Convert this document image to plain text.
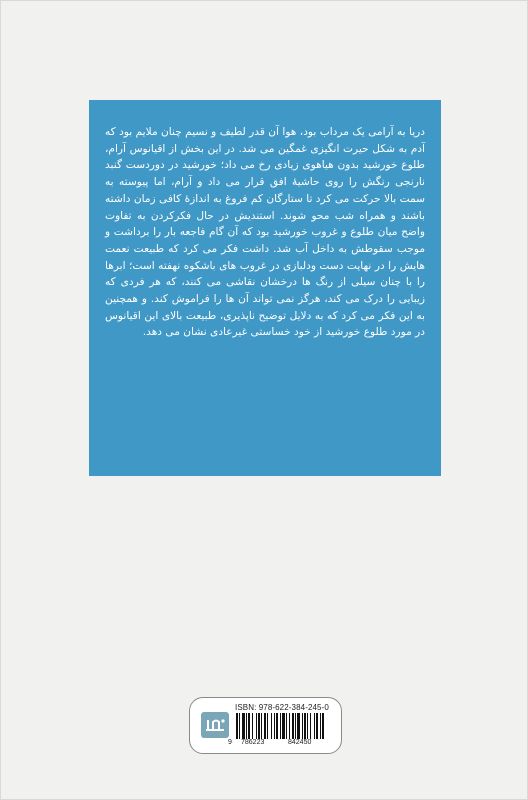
دریا به آرامی یک مرداب بود، هوا آن قدر لطیف و نسیم چنان ملایم بود که آدم به شکل حیرت انگیزی غمگین می شد. در این بخش از اقیانوس آرام، طلوع خورشید بدون هیاهوی زیادی رخ می داد؛ خورشید در دوردست گنبد نارنجی رنگش را روی حاشیهٔ افق قرار می داد و آرام، اما پیوسته به سمت بالا حرکت می کرد تا ستارگان کم فروغ به اندازهٔ کافی زمان داشته باشند و همراه شب محو شوند. استندیش در حال فکرکردن به تفاوت واضح میان طلوع و غروب خورشید بود که آن گام فاجعه بار را برداشت و موجب سقوطش به داخل آب شد. داشت فکر می کرد که طبیعت نعمت هایش را در نهایت دست ودلبازی در غروب های باشکوه نهفته است؛ ابرها را با چنان سیلی از رنگ ها درخشان نقاشی می کنند، که هر فردی که زیبایی را درک می کند، هرگز نمی تواند آن ها را فراموش کند. و همچنین به این فکر می کرد که به دلایل توضیح ناپذیری، طبیعت بالای این اقیانوس در مورد طلوع خورشید از خود خساستی غیرعادی نشان می دهد.
ISBN: 978-622-384-245-0
9 786223	842450
